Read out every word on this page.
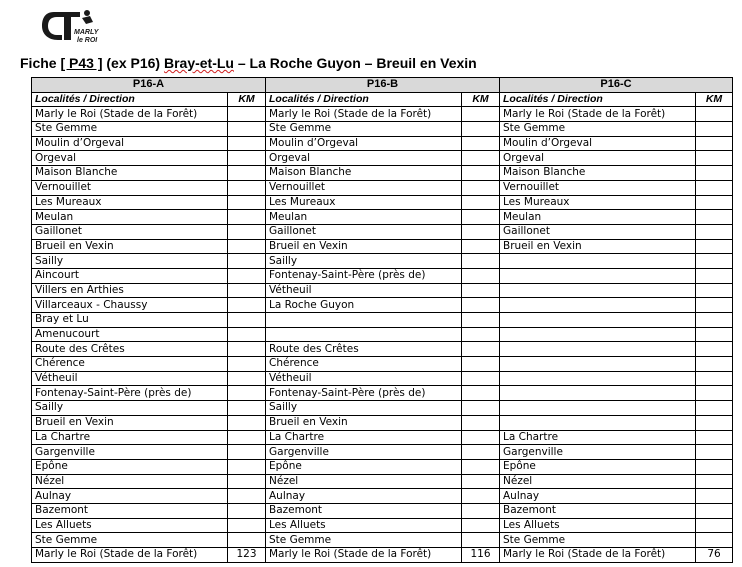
MARLY
le ROI
Fiche [ P43 ] (ex P16) Bray-et-Lu – La Roche Guyon – Breuil en Vexin
P16-A		P16-B		P16-C	
Localités / Direction	KM	Localités / Direction	KM	Localités / Direction	KM
Marly le Roi (Stade de la Forêt)		Marly le Roi (Stade de la Forêt)		Marly le Roi (Stade de la Forêt)	
Ste Gemme		Ste Gemme		Ste Gemme	
Moulin d’Orgeval		Moulin d’Orgeval		Moulin d’Orgeval	
Orgeval		Orgeval		Orgeval	
Maison Blanche		Maison Blanche		Maison Blanche	
Vernouillet		Vernouillet		Vernouillet	
Les Mureaux		Les Mureaux		Les Mureaux	
Meulan		Meulan		Meulan	
Gaillonet		Gaillonet		Gaillonet	
Brueil en Vexin		Brueil en Vexin		Brueil en Vexin	
Sailly		Sailly			
Aincourt		Fontenay-Saint-Père (près de)			
Villers en Arthies		Vétheuil			
Villarceaux - Chaussy		La Roche Guyon			
Bray et Lu					
Amenucourt					
Route des Crêtes		Route des Crêtes			
Chérence		Chérence			
Vétheuil		Vétheuil			
Fontenay-Saint-Père (près de)		Fontenay-Saint-Père (près de)			
Sailly		Sailly			
Brueil en Vexin		Brueil en Vexin			
La Chartre		La Chartre		La Chartre	
Gargenville		Gargenville		Gargenville	
Epône		Epône		Epône	
Nézel		Nézel		Nézel	
Aulnay		Aulnay		Aulnay	
Bazemont		Bazemont		Bazemont	
Les Alluets		Les Alluets		Les Alluets	
Ste Gemme		Ste Gemme		Ste Gemme	
Marly le Roi (Stade de la Forêt)	123	Marly le Roi (Stade de la Forêt)	116	Marly le Roi (Stade de la Forêt)	76
